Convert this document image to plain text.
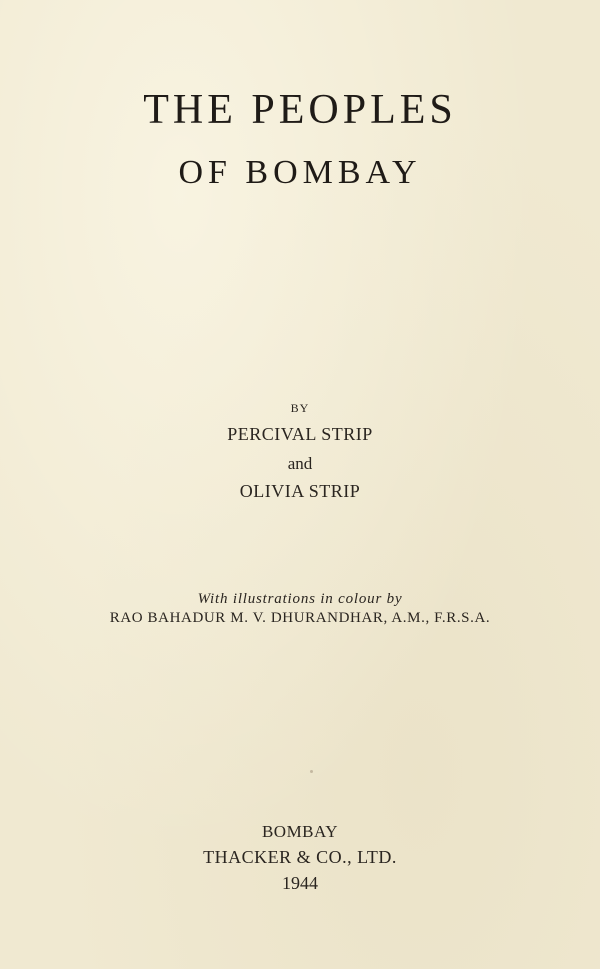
THE PEOPLES
OF BOMBAY
BY
PERCIVAL STRIP
and
OLIVIA STRIP
With illustrations in colour by
RAO BAHADUR M. V. DHURANDHAR, A.M., F.R.S.A.
BOMBAY
THACKER & CO., LTD.
1944
